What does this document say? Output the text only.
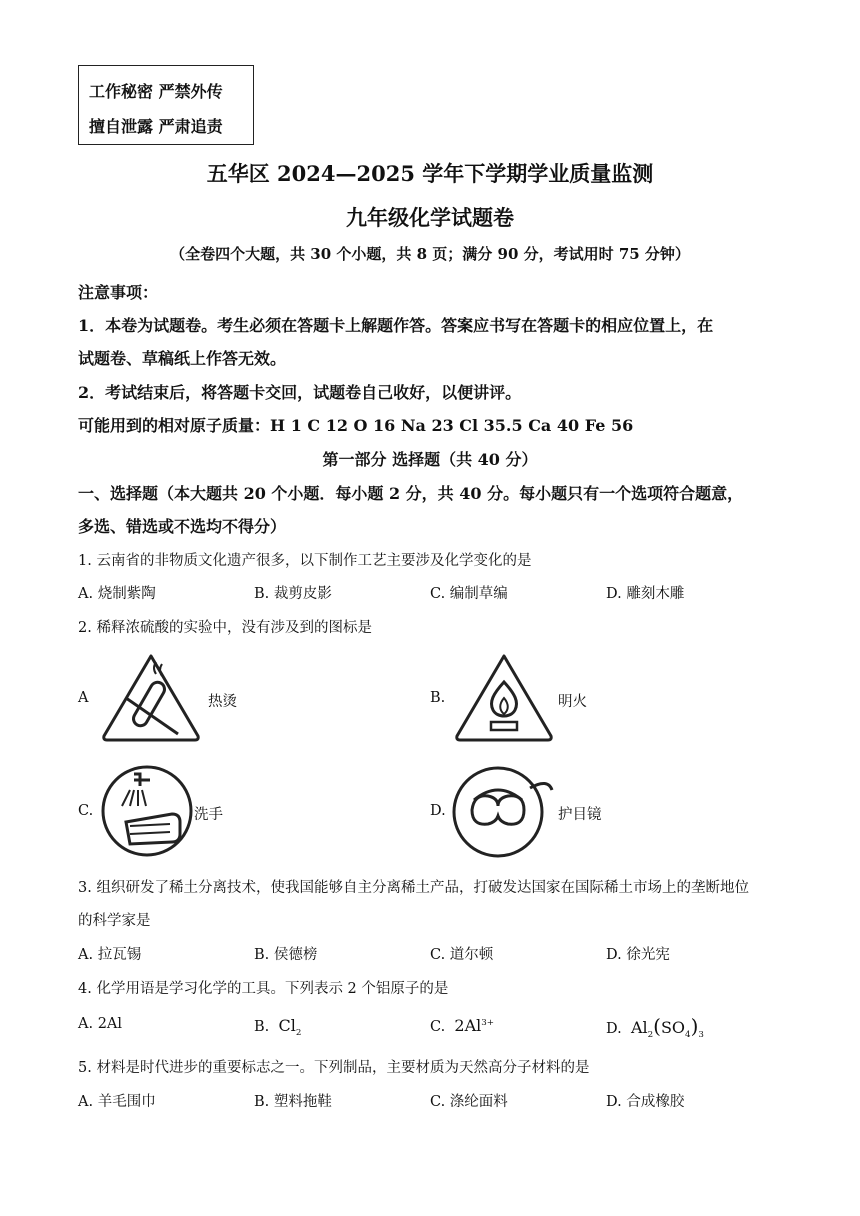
工作秘密 严禁外传
擅自泄露 严肃追责
五华区 2024—2025 学年下学期学业质量监测
九年级化学试题卷
（全卷四个大题，共 30 个小题，共 8 页；满分 90 分，考试用时 75 分钟）
注意事项：
1．本卷为试题卷。考生必须在答题卡上解题作答。答案应书写在答题卡的相应位置上，在
试题卷、草稿纸上作答无效。
2．考试结束后，将答题卡交回，试题卷自己收好，以便讲评。
可能用到的相对原子质量：H 1 C 12 O 16 Na 23 Cl 35.5 Ca 40 Fe 56
第一部分 选择题（共 40 分）
一、选择题（本大题共 20 个小题．每小题 2 分，共 40 分。每小题只有一个选项符合题意，
多选、错选或不选均不得分）
1. 云南省的非物质文化遗产很多，以下制作工艺主要涉及化学变化的是
A. 烧制紫陶	B. 裁剪皮影	C. 编制草编	D. 雕刻木雕
2. 稀释浓硫酸的实验中，没有涉及到的图标是
A	热烫	B.	明火
C.	洗手	D.	护目镜
3. 组织研发了稀土分离技术，使我国能够自主分离稀土产品，打破发达国家在国际稀土市场上的垄断地位
的科学家是
A. 拉瓦锡	B. 侯德榜	C. 道尔顿	D. 徐光宪
4. 化学用语是学习化学的工具。下列表示 2 个铝原子的是
A. 2Al	B. $Cl_2$	C. $2Al^{3+}$	D. $Al_2(SO_4)_3$
5. 材料是时代进步的重要标志之一。下列制品，主要材质为天然高分子材料的是
A. 羊毛围巾	B. 塑料拖鞋	C. 涤纶面料	D. 合成橡胶
